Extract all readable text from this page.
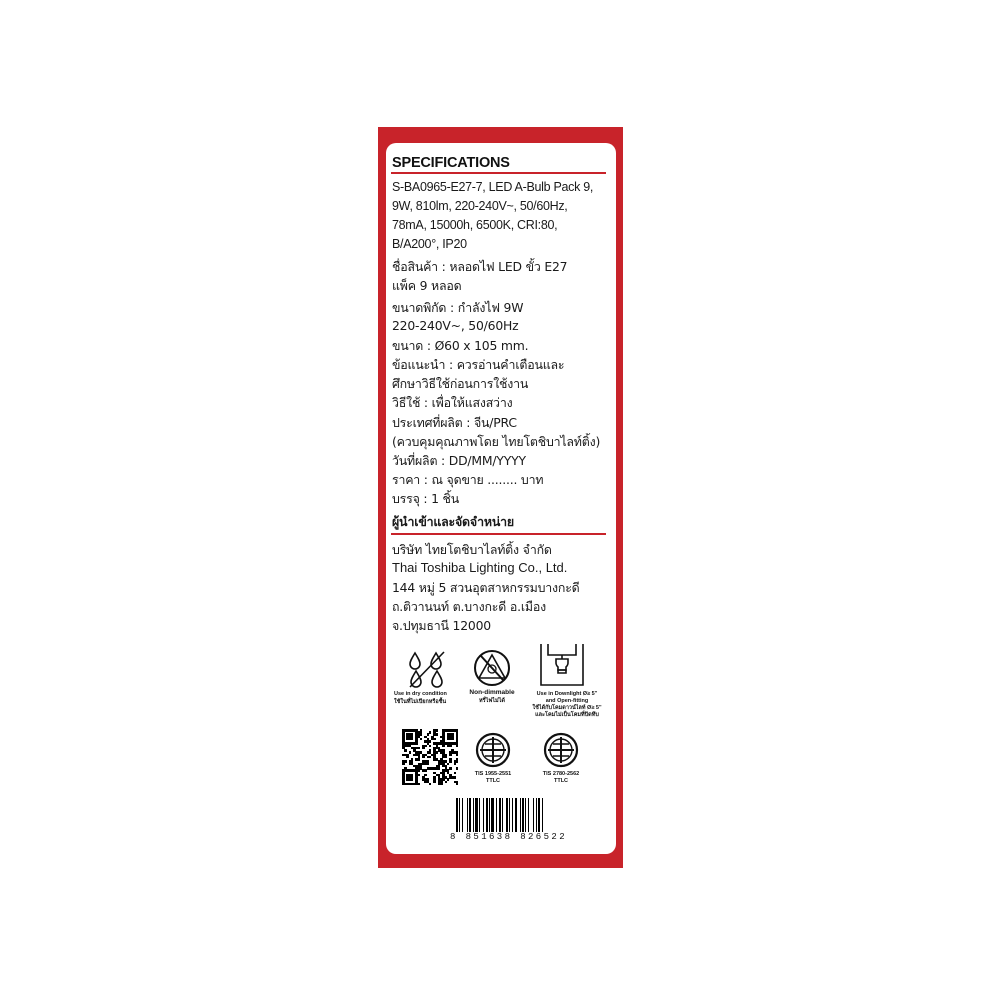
SPECIFICATIONS
S-BA0965-E27-7, LED A-Bulb Pack 9,
9W, 810lm, 220-240V~, 50/60Hz,
78mA, 15000h, 6500K, CRI:80,
B/A200°, IP20
ชื่อสินค้า : หลอดไฟ LED ขั้ว E27
แพ็ค 9 หลอด
ขนาดพิกัด : กำลังไฟ 9W
220-240V~, 50/60Hz
ขนาด : Ø60 x 105 mm.
ข้อแนะนำ : ควรอ่านคำเตือนและ
ศึกษาวิธีใช้ก่อนการใช้งาน
วิธีใช้ : เพื่อให้แสงสว่าง
ประเทศที่ผลิต : จีน/PRC
(ควบคุมคุณภาพโดย ไทยโตชิบาไลท์ติ้ง)
วันที่ผลิต : DD/MM/YYYY
ราคา : ณ จุดขาย ........ บาท
บรรจุ : 1 ชิ้น
ผู้นำเข้าและจัดจำหน่าย
บริษัท ไทยโตชิบาไลท์ติ้ง จำกัด
Thai Toshiba Lighting Co., Ltd.
144 หมู่ 5 สวนอุตสาหกรรมบางกะดี
ถ.ติวานนท์ ต.บางกะดี อ.เมือง
จ.ปทุมธานี 12000
Use in dry condition
ใช้ในที่ไม่เปียกหรือชื้น
Non-dimmable
หรี่ไฟไม่ได้
Use in Downlight Ø≥ 5"
and Open-fitting
ใช้ได้กับโคมดาวน์ไลท์ Ø≥ 5"
และโคมไม่เป็นโคมที่ปิดทึบ
TIS 1955-2551
TTLC
TIS 2780-2562
TTLC
8 851638 826522
